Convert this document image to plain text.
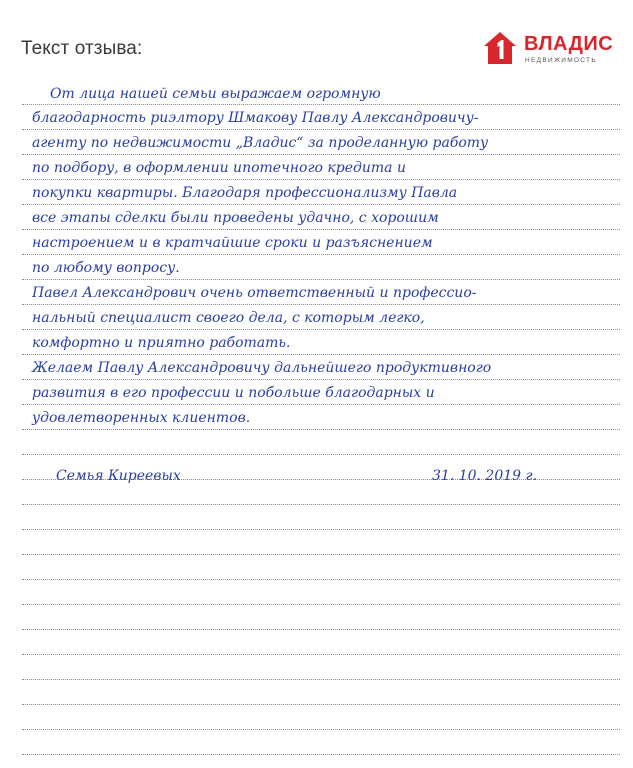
Текст отзыва:	ВЛАДИС
НЕДВИЖИМОСТЬ
От лица нашей семьи выражаем огромную
благодарность риэлтору Шмакову Павлу Александровичу-
агенту по недвижимости „Владис“ за проделанную работу
по подбору, в оформлении ипотечного кредита и
покупки квартиры. Благодаря профессионализму Павла
все этапы сделки были проведены удачно, с хорошим
настроением и в кратчайшие сроки и разъяснением
по любому вопросу.
Павел Александрович очень ответственный и профессио-
нальный специалист своего дела, с которым легко,
комфортно и приятно работать.
Желаем Павлу Александровичу дальнейшего продуктивного
развития в его профессии и побольше благодарных и
удовлетворенных клиентов.
Семья Киреевых	31. 10. 2019 г.
